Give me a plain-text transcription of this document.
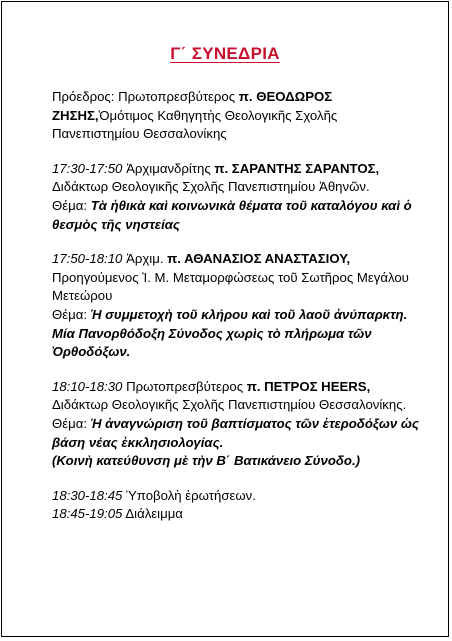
Γ΄ ΣΥΝΕΔΡΙΑ

Πρόεδρος: Πρωτοπρεσβύτερος π. ΘΕΟΔΩΡΟΣ ΖΗΣΗΣ,Ὁμότιμος Καθηγητὴς Θεολογικῆς Σχολῆς Πανεπιστημίου Θεσσαλονίκης

17:30-17:50 Ἀρχιμανδρίτης π. ΣΑΡΑΝΤΗΣ ΣΑΡΑΝΤΟΣ,

Διδάκτωρ Θεολογικῆς Σχολῆς Πανεπιστημίου Ἀθηνῶν.

Θέμα: Τὰ ἠθικὰ καὶ κοινωνικὰ θέματα τοῦ καταλόγου καὶ ὁ θεσμὸς τῆς νηστείας

17:50-18:10 Ἀρχιμ. π. ΑΘΑΝΑΣΙΟΣ ΑΝΑΣΤΑΣΙΟΥ,

Προηγούμενος Ἱ. Μ. Μεταμορφώσεως τοῦ Σωτῆρος Μεγάλου Μετεώρου

Θέμα: Ἡ συμμετοχὴ τοῦ κλήρου καὶ τοῦ λαοῦ ἀνύπαρκτη. Μία Πανορθόδοξη Σύνοδος χωρὶς τὸ πλήρωμα τῶν Ὀρθοδόξων.

18:10-18:30 Πρωτοπρεσβύτερος π. ΠΕΤΡΟΣ HEERS,

Διδάκτωρ Θεολογικῆς Σχολῆς Πανεπιστημίου Θεσσαλονίκης.

Θέμα: Ἡ ἀναγνώριση τοῦ βαπτίσματος τῶν ἑτεροδόξων ὡς βάση νέας ἐκκλησιολογίας.

(Κοινὴ κατεύθυνση μὲ τὴν Β΄ Βατικάνειο Σύνοδο.)

18:30-18:45 Ὑποβολὴ ἐρωτήσεων.

18:45-19:05 Διάλειμμα
